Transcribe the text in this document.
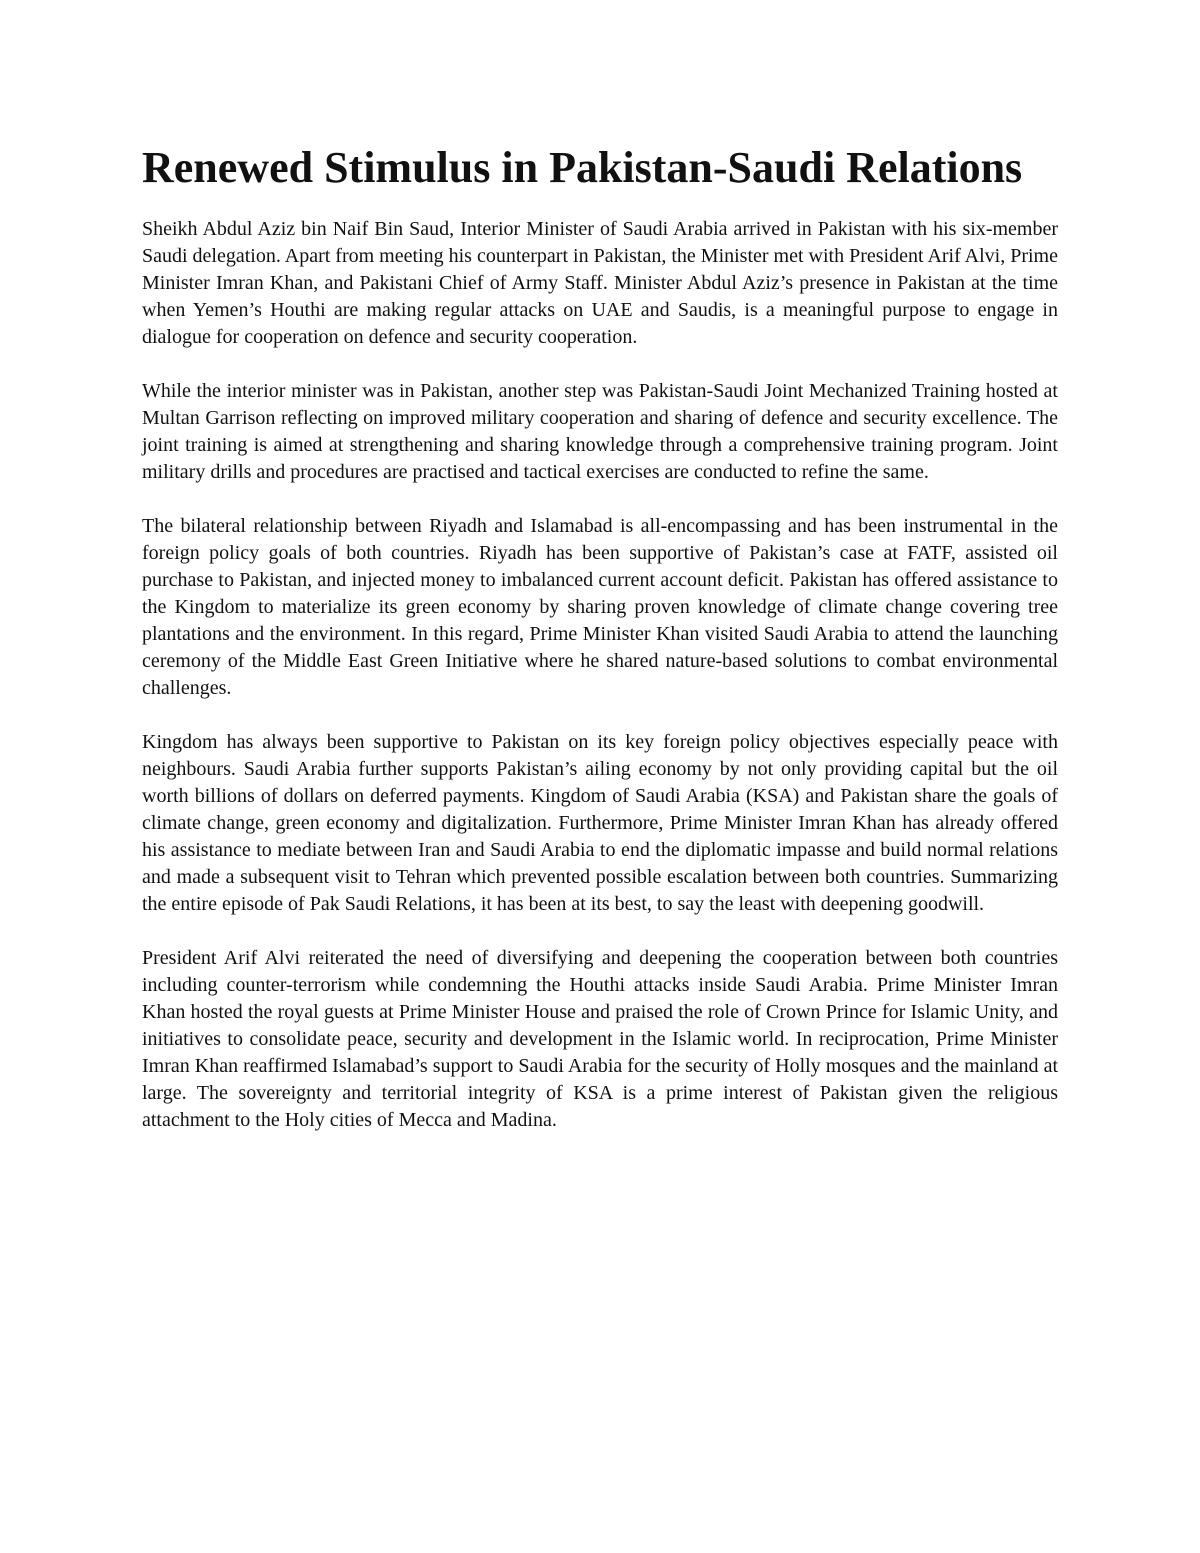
Renewed Stimulus in Pakistan-Saudi Relations

Sheikh Abdul Aziz bin Naif Bin Saud, Interior Minister of Saudi Arabia arrived in Pakistan with his six-member Saudi delegation. Apart from meeting his counterpart in Pakistan, the Minister met with President Arif Alvi, Prime Minister Imran Khan, and Pakistani Chief of Army Staff. Minister Abdul Aziz’s presence in Pakistan at the time when Yemen’s Houthi are making regular attacks on UAE and Saudis, is a meaningful purpose to engage in dialogue for cooperation on defence and security cooperation.

While the interior minister was in Pakistan, another step was Pakistan-Saudi Joint Mechanized Training hosted at Multan Garrison reflecting on improved military cooperation and sharing of defence and security excellence. The joint training is aimed at strengthening and sharing knowledge through a comprehensive training program. Joint military drills and procedures are practised and tactical exercises are conducted to refine the same.

The bilateral relationship between Riyadh and Islamabad is all-encompassing and has been instrumental in the foreign policy goals of both countries. Riyadh has been supportive of Pakistan’s case at FATF, assisted oil purchase to Pakistan, and injected money to imbalanced current account deficit. Pakistan has offered assistance to the Kingdom to materialize its green economy by sharing proven knowledge of climate change covering tree plantations and the environment. In this regard, Prime Minister Khan visited Saudi Arabia to attend the launching ceremony of the Middle East Green Initiative where he shared nature-based solutions to combat environmental challenges.

Kingdom has always been supportive to Pakistan on its key foreign policy objectives especially peace with neighbours. Saudi Arabia further supports Pakistan’s ailing economy by not only providing capital but the oil worth billions of dollars on deferred payments. Kingdom of Saudi Arabia (KSA) and Pakistan share the goals of climate change, green economy and digitalization. Furthermore, Prime Minister Imran Khan has already offered his assistance to mediate between Iran and Saudi Arabia to end the diplomatic impasse and build normal relations and made a subsequent visit to Tehran which prevented possible escalation between both countries. Summarizing the entire episode of Pak Saudi Relations, it has been at its best, to say the least with deepening goodwill.

President Arif Alvi reiterated the need of diversifying and deepening the cooperation between both countries including counter-terrorism while condemning the Houthi attacks inside Saudi Arabia. Prime Minister Imran Khan hosted the royal guests at Prime Minister House and praised the role of Crown Prince for Islamic Unity, and initiatives to consolidate peace, security and development in the Islamic world. In reciprocation, Prime Minister Imran Khan reaffirmed Islamabad’s support to Saudi Arabia for the security of Holly mosques and the mainland at large. The sovereignty and territorial integrity of KSA is a prime interest of Pakistan given the religious attachment to the Holy cities of Mecca and Madina.
